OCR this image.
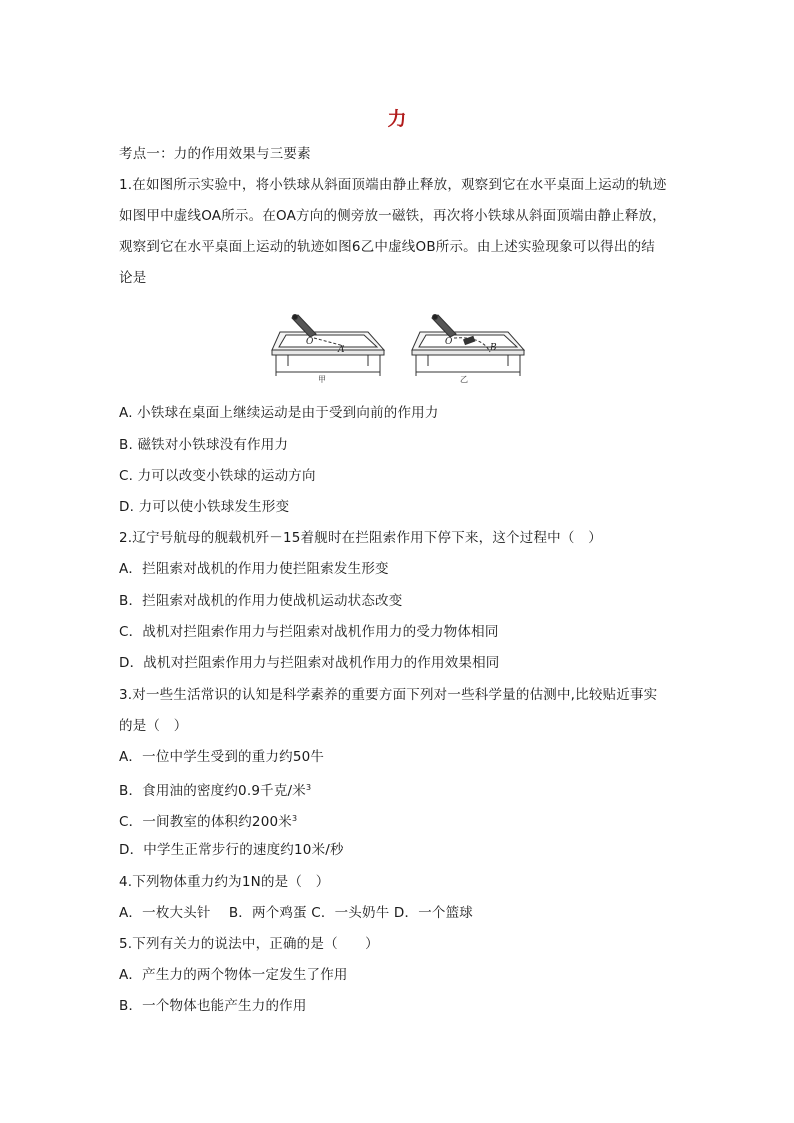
力
考点一：力的作用效果与三要素
1.在如图所示实验中，将小铁球从斜面顶端由静止释放，观察到它在水平桌面上运动的轨迹
如图甲中虚线OA所示。在OA方向的侧旁放一磁铁，再次将小铁球从斜面顶端由静止释放，
观察到它在水平桌面上运动的轨迹如图6乙中虚线OB所示。由上述实验现象可以得出的结
论是
O
A
甲
O
B
乙
A. 小铁球在桌面上继续运动是由于受到向前的作用力
B. 磁铁对小铁球没有作用力
C. 力可以改变小铁球的运动方向
D. 力可以使小铁球发生形变
2.辽宁号航母的舰载机歼－15着舰时在拦阻索作用下停下来，这个过程中（　）
A．拦阻索对战机的作用力使拦阻索发生形变
B．拦阻索对战机的作用力使战机运动状态改变
C．战机对拦阻索作用力与拦阻索对战机作用力的受力物体相同
D．战机对拦阻索作用力与拦阻索对战机作用力的作用效果相同
3.对一些生活常识的认知是科学素养的重要方面下列对一些科学量的估测中,比较贴近事实
的是（　）
A．一位中学生受到的重力约50牛
B．食用油的密度约0.9千克/米$^3$
C．一间教室的体积约200米$^3$
D．中学生正常步行的速度约10米/秒
4.下列物体重力约为1N的是（　）
A．一枚大头针　 B．两个鸡蛋 C．一头奶牛 D．一个篮球
5.下列有关力的说法中，正确的是（　　）
A．产生力的两个物体一定发生了作用
B．一个物体也能产生力的作用
